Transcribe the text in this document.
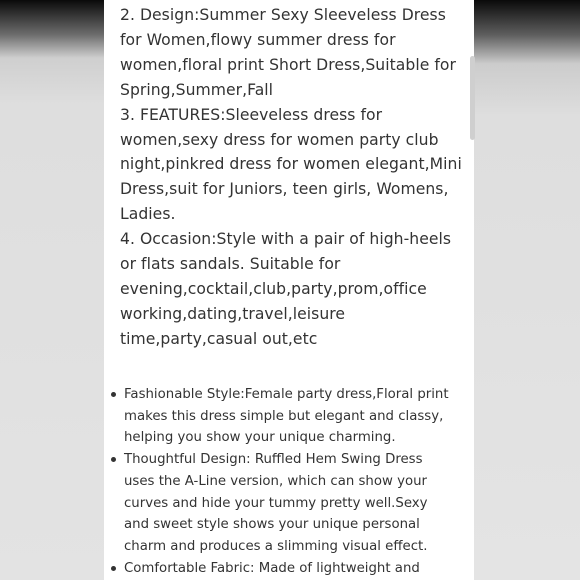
2. Design:Summer Sexy Sleeveless Dress for Women,flowy summer dress for women,floral print Short Dress,Suitable for Spring,Summer,Fall

3. FEATURES:Sleeveless dress for women,sexy dress for women party club night,pinkred dress for women elegant,Mini Dress,suit for Juniors, teen girls, Womens, Ladies.

4. Occasion:Style with a pair of high-heels or flats sandals. Suitable for evening,cocktail,club,party,prom,office working,dating,travel,leisure time,party,casual out,etc

Fashionable Style:Female party dress,Floral print makes this dress simple but elegant and classy, helping you show your unique charming.
Thoughtful Design: Ruffled Hem Swing Dress uses the A-Line version, which can show your curves and hide your tummy pretty well.Sexy and sweet style shows your unique personal charm and produces a slimming visual effect.
Comfortable Fabric: Made of lightweight and
